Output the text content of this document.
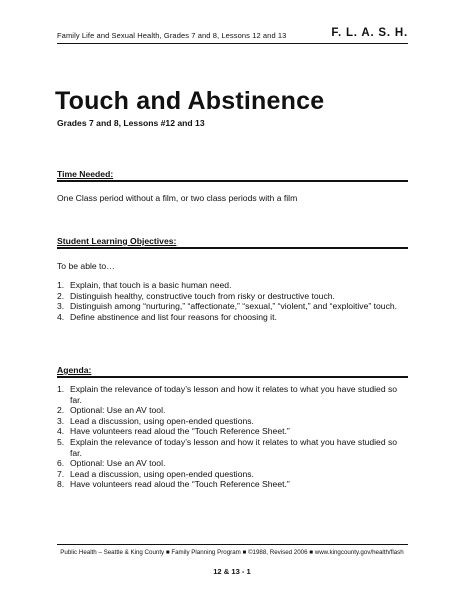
Family Life and Sexual Health, Grades 7 and 8, Lessons 12 and 13	F. L. A. S. H.
Touch and Abstinence
Grades 7 and 8, Lessons #12 and 13
Time Needed:
One Class period without a film, or two class periods with a film
Student Learning Objectives:
To be able to…
1. Explain, that touch is a basic human need.
2. Distinguish healthy, constructive touch from risky or destructive touch.
3. Distinguish among “nurturing,” “affectionate,” “sexual,” “violent,” and “exploitive” touch.
4. Define abstinence and list four reasons for choosing it.
Agenda:
1. Explain the relevance of today’s lesson and how it relates to what you have studied so far.
2. Optional: Use an AV tool.
3. Lead a discussion, using open-ended questions.
4. Have volunteers read aloud the “Touch Reference Sheet.”
5. Explain the relevance of today’s lesson and how it relates to what you have studied so far.
6. Optional: Use an AV tool.
7. Lead a discussion, using open-ended questions.
8. Have volunteers read aloud the “Touch Reference Sheet.”
Public Health – Seattle & King County ■ Family Planning Program ■ ©1988, Revised 2006 ■ www.kingcounty.gov/health/flash
12 & 13 - 1
